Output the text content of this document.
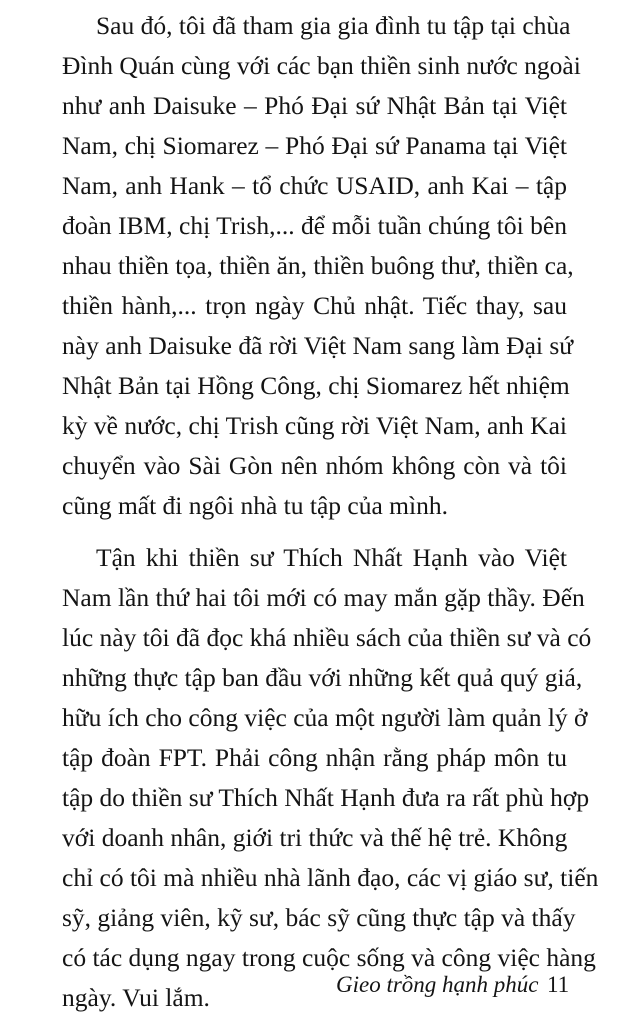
Sau đó, tôi đã tham gia gia đình tu tập tại chùa
Đình Quán cùng với các bạn thiền sinh nước ngoài
như anh Daisuke – Phó Đại sứ Nhật Bản tại Việt
Nam, chị Siomarez – Phó Đại sứ Panama tại Việt
Nam, anh Hank – tổ chức USAID, anh Kai – tập
đoàn IBM, chị Trish,... để mỗi tuần chúng tôi bên
nhau thiền tọa, thiền ăn, thiền buông thư, thiền ca,
thiền hành,... trọn ngày Chủ nhật. Tiếc thay, sau
này anh Daisuke đã rời Việt Nam sang làm Đại sứ
Nhật Bản tại Hồng Công, chị Siomarez hết nhiệm
kỳ về nước, chị Trish cũng rời Việt Nam, anh Kai
chuyển vào Sài Gòn nên nhóm không còn và tôi
cũng mất đi ngôi nhà tu tập của mình.
Tận khi thiền sư Thích Nhất Hạnh vào Việt
Nam lần thứ hai tôi mới có may mắn gặp thầy. Đến
lúc này tôi đã đọc khá nhiều sách của thiền sư và có
những thực tập ban đầu với những kết quả quý giá,
hữu ích cho công việc của một người làm quản lý ở
tập đoàn FPT. Phải công nhận rằng pháp môn tu
tập do thiền sư Thích Nhất Hạnh đưa ra rất phù hợp
với doanh nhân, giới tri thức và thế hệ trẻ. Không
chỉ có tôi mà nhiều nhà lãnh đạo, các vị giáo sư, tiến
sỹ, giảng viên, kỹ sư, bác sỹ cũng thực tập và thấy
có tác dụng ngay trong cuộc sống và công việc hàng
ngày. Vui lắm.	Gieo trồng hạnh phúc 11
